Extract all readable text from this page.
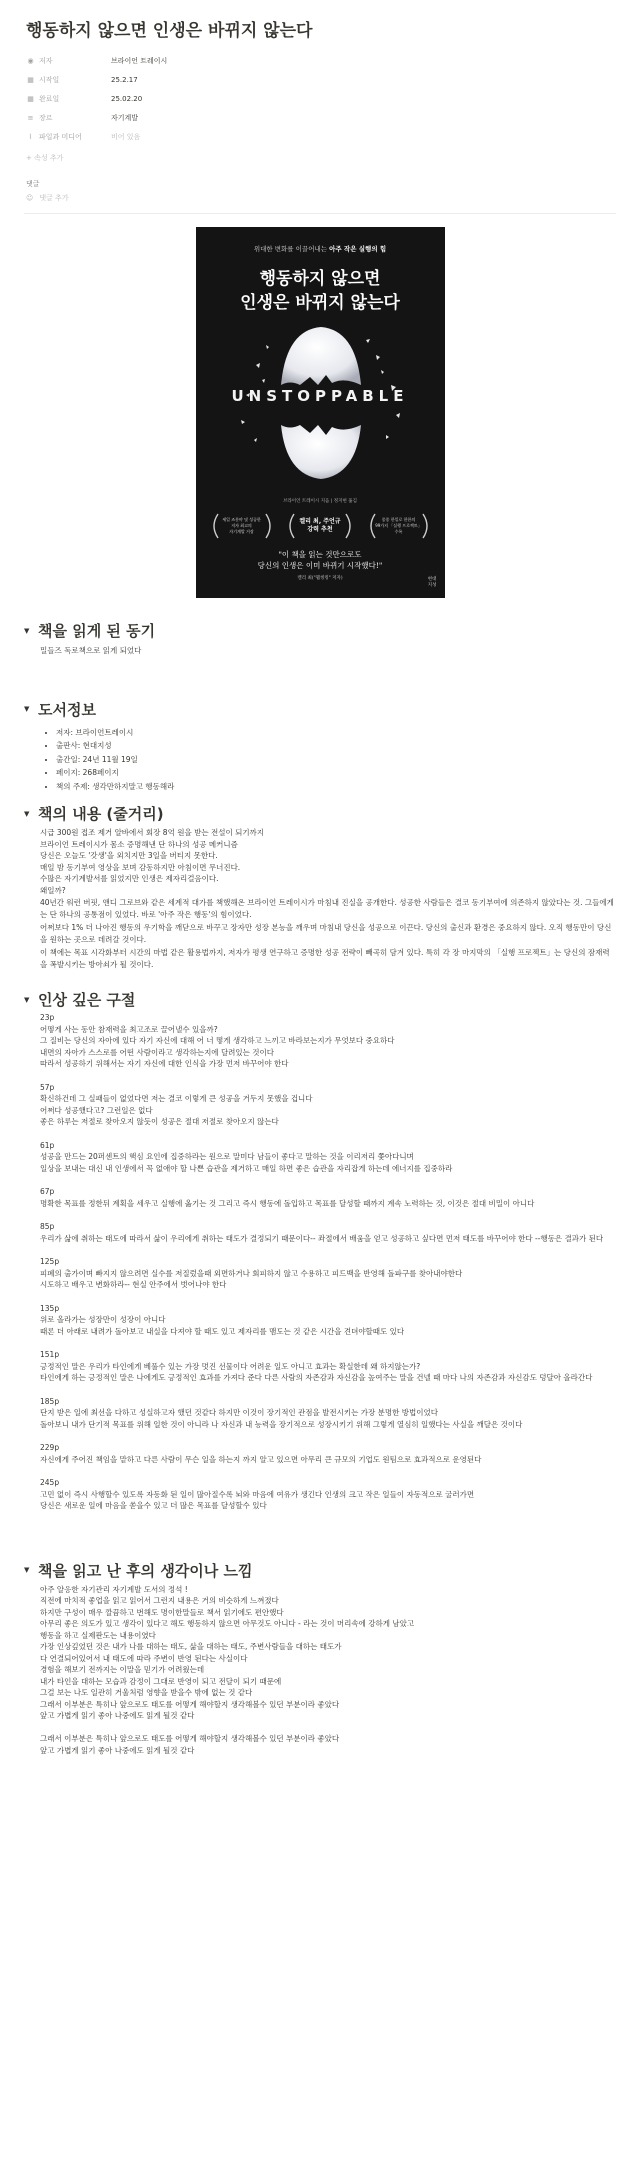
행동하지 않으면 인생은 바뀌지 않는다
◉ 저자	브라이언 트레이시
▦ 시작일	25.2.17
▦ 완료일	25.02.20
≡ 장르	자기계발
⌇ 파일과 미디어	비어 있음
+ 속성 추가
댓글
☺ 댓글 추가
위대한 변화를 이끌어내는 아주 작은 실행의 힘
행동하지 않으면
인생은 바뀌지 않는다
UNSTOPPABLE
브라이언 트레이시 지음 | 정지현 옮김
세일 즈분야 및 성공한
저자 최고의
자기계발 거장
켈리 최, 주언규
강력 추천
종종 한일로 한한의
99가지 「실행 프로젝트」
수록
"이 책을 읽는 것만으로도
당신의 인생은 이미 바뀌기 시작했다!"
켈리 최("웰씽킹" 저자)	현대
지성
▼ 책을 읽게 된 동기
밀들즈 독로책으로 읽게 되었다
▼ 도서정보
• 저자: 브라이언트레이시
• 출판사: 현대지성
• 출간일: 24년 11월 19일
• 페이지: 268페이지
• 책의 주제: 생각만하지말고 행동해라
▼ 책의 내용 (줄거리)
시급 300원 접조 제거 알바에서 회장 8억 원을 받는 전설이 되기까지
브라이언 트레이시가 몸소 증명해낸 단 하나의 성공 메커니즘
당신은 오늘도 '갓생'을 외치지만 3일을 버티지 못한다.
매일 밤 동기부여 영상을 보며 감동하지만 아침이면 무너진다.
수많은 자기계발서를 읽었지만 인생은 제자리걸음이다.
왜일까?
40년간 워런 버핏, 앤디 그로브와 같은 세계적 대가를 책했해온 브라이언 트레이시가 마침내 진실을 공개한다. 성공한 사람들은 결코 동기부여에 의존하지 않았다는 것. 그들에게는 단 하나의 공통점이 있었다. 바로 '아주 작은 행동'의 힘이었다.
어쩌보다 1% 더 나아진 행동의 우기학을 깨닫으로 바꾸고 장자만 성장 본능을 깨우며 마침내 당신을 성공으로 이끈다. 당신의 출신과 환경은 중요하지 않다. 오직 행동만이 당신을 원하는 곳으로 데려갈 것이다.
이 책에는 목표 시각화부터 시간의 마법 같은 활용법까지, 저자가 평생 연구하고 증명한 성공 전략이 빼곡히 담겨 있다. 특히 각 장 마지막의 「실행 프로젝트」는 당신의 잠재력을 폭발시키는 방아쇠가 될 것이다.
▼ 인상 깊은 구절
23p
어떻게 사는 동안 참재력을 최고조로 끌어낼수 있을까?
그 질비는 당신의 자아에 있다 자기 자신에 대해 어 너 떻게 생각하고 느끼고 바라보는지가 무엇보다 중요하다
내면의 자아가 스스로를 어떤 사람이라고 생각하는지에 달려있는 것이다
따라서 성공하기 위해서는 자기 자신에 대한 인식을 가장 먼저 바꾸어야 한다
57p
확신하건데 그 실패들이 없었다면 저는 결코 이렇게 큰 성공을 거두지 못했을 겁니다
어쩌다 성공했다고? 그런일은 없다
좋은 하루는 저절로 찾아오지 않듯이 성공은 절대 저절로 찾아오지 않는다
61p
성공을 만드는 20퍼센트의 핵심 요인에 집중하라는 원으로 말미다 남들이 좋다고 말하는 것을 이리저리 쫓아다니며
일상을 보내는 대신 내 인생에서 꼭 없애야 할 나쁜 습관을 제거하고 매일 하면 좋은 습관을 자리잡게 하는데 에너지를 집중하라
67p
명확한 목표를 정한뒤 계획을 세우고 실행에 옮기는 것 그리고 즉시 행동에 돌입하고 목표를 달성할 때까지 계속 노력하는 것, 이것은 절대 비밀이 아니다
85p
우리가 삶에 취하는 태도에 따라서 삶이 우리에게 취하는 태도가 결정되기 때문이다-- 좌절에서 배움을 얻고 성공하고 싶다면 먼저 태도를 바꾸어야 한다 --행동은 결과가 된다
125p
피폐의 출가이며 빠지지 않으려면 실수를 저질렀을때 외면하거나 회피하지 않고 수용하고 피드백을 반영해 돌파구를 찾아내야한다
시도하고 배우고 변화하라-- 현실 안주에서 벗어나야 한다
135p
위로 올라가는 성장만이 성장이 아니다
때론 더 아래로 내려가 돌아보고 내실을 다져야 할 때도 있고 제자리를 맴도는 것 같은 시간을 견뎌야할때도 있다
151p
긍정적인 말은 우리가 타인에게 베풀수 있는 가장 멋진 선물이다 어려운 일도 아니고 효과는 확실한데 왜 하지않는가?
타인에게 하는 긍정적인 말은 나에게도 긍정적인 효과를 가져다 준다 다른 사람의 자존감과 자신감을 높여주는 말을 건넬 때 마다 나의 자존감과 자신감도 덩달아 올라간다
185p
단지 받은 일에 최선을 다하고 성실하고자 했던 것같다 하지만 이것이 장기적인 관점을 발전시키는 가장 분명한 방법이었다
돌아보니 내가 단기적 목표를 위해 일한 것이 아니라 나 자신과 내 능력을 장기적으로 성장시키기 위해 그렇게 열심히 일했다는 사실을 깨달은 것이다
229p
자신에게 주어진 책임을 맡하고 다른 사람이 무슨 일을 하는지 까지 알고 있으면 아무리 큰 규모의 기업도 원팀으로 효과적으로 운영된다
245p
고민 없이 즉시 사행할수 있도록 자동화 된 일이 많아질수록 뇌와 마음에 여유가 생긴다 인생의 크고 작은 일들이 자동적으로 굴러가면
당신은 새로운 일에 마음을 쏟을수 있고 더 많은 목표를 달성할수 있다
▼ 책을 읽고 난 후의 생각이나 느낌
아주 알응한 자기관리 자기계발 도서의 정석 !
직전에 마치적 좋업을 읽고 읽어서 그런지 내용은 거의 비슷하게 느껴졌다
하지만 구성이 매우 깔끔하고 번해도 명이한말들로 책서 읽기에도 편안했다
아무리 좋은 의도가 있고 생각이 있다고 해도 행동하지 않으면 아무것도 아니다 - 라는 것이 머리속에 강하게 남았고
행동을 하고 실제판도는 내용이였다
가장 인상깊었던 것은 내가 나를 대하는 태도, 삶을 대하는 태도, 주변사람들을 대하는 태도가
다 연결되어있어서 내 태도에 따라 주변이 반영 된다는 사실이다
경험을 해보기 전까지는 이말을 믿기가 어려웠는데
내가 타인을 대하는 모습과 감정이 그대로 반영이 되고 전달이 되기 때문에
그걸 보는 나도 일관히 거울처럼 영향을 받을수 밖에 없는 것 같다
그래서 이부분은 특히나 앞으로도 태도를 어떻게 해야할지 생각해볼수 있던 부분이라 좋았다
앞고 가볍게 읽기 좋아 나중에도 읽게 될것 같다
그래서 이부분은 특히나 앞으로도 태도를 어떻게 해야할지 생각해볼수 있던 부분이라 좋았다
앞고 가볍게 읽기 좋아 나중에도 읽게 될것 같다
